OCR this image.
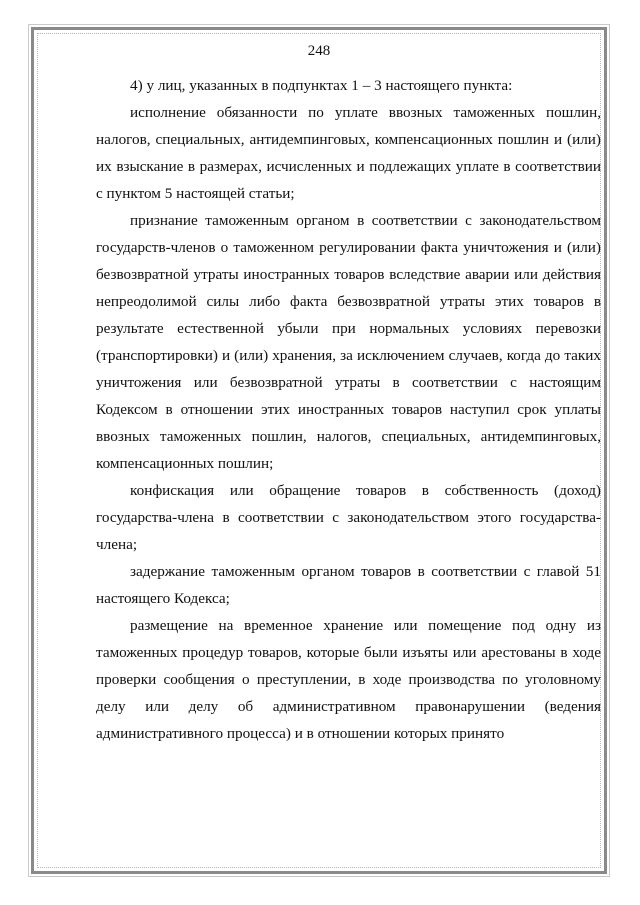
248

4) у лиц, указанных в подпунктах 1 – 3 настоящего пункта:

исполнение обязанности по уплате ввозных таможенных пошлин, налогов, специальных, антидемпинговых, компенсационных пошлин и (или) их взыскание в размерах, исчисленных и подлежащих уплате в соответствии с пунктом 5 настоящей статьи;

признание таможенным органом в соответствии с законодательством государств-членов о таможенном регулировании факта уничтожения и (или) безвозвратной утраты иностранных товаров вследствие аварии или действия непреодолимой силы либо факта безвозвратной утраты этих товаров в результате естественной убыли при нормальных условиях перевозки (транспортировки) и (или) хранения, за исключением случаев, когда до таких уничтожения или безвозвратной утраты в соответствии с настоящим Кодексом в отношении этих иностранных товаров наступил срок уплаты ввозных таможенных пошлин, налогов, специальных, антидемпинговых, компенсационных пошлин;

конфискация или обращение товаров в собственность (доход) государства-члена в соответствии с законодательством этого государства-члена;

задержание таможенным органом товаров в соответствии с главой 51 настоящего Кодекса;

размещение на временное хранение или помещение под одну из таможенных процедур товаров, которые были изъяты или арестованы в ходе проверки сообщения о преступлении, в ходе производства по уголовному делу или делу об административном правонарушении (ведения административного процесса) и в отношении которых принято
